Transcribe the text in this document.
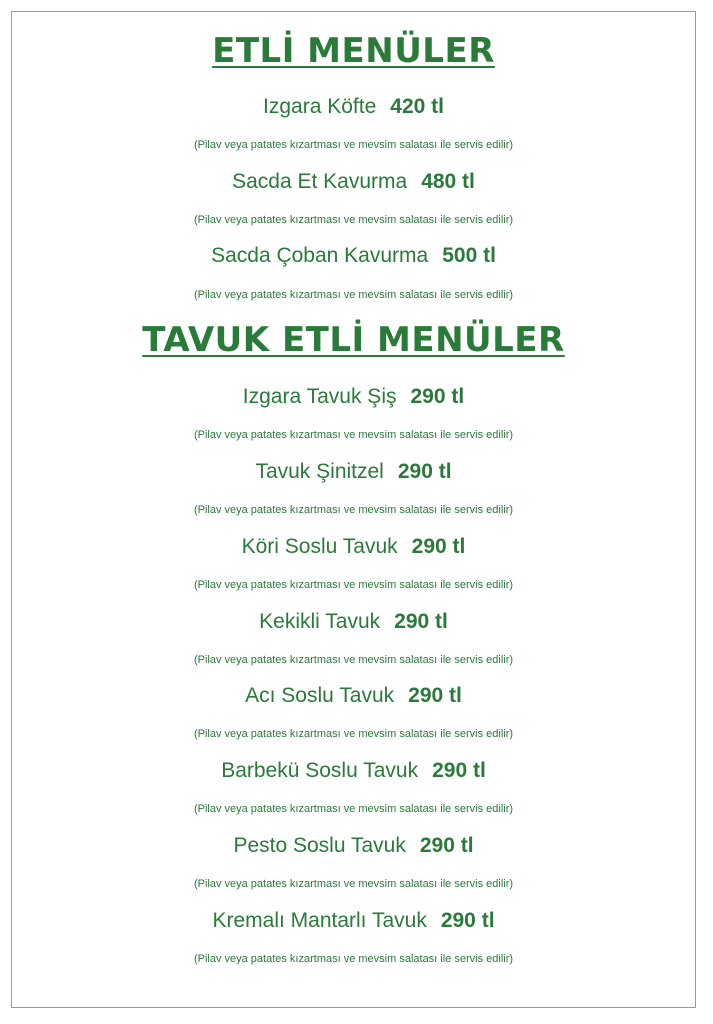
ETLİ MENÜLER
Izgara Köfte 420 tl
(Pilav veya patates kızartması ve mevsim salatası ile servis edilir)
Sacda Et Kavurma 480 tl
(Pilav veya patates kızartması ve mevsim salatası ile servis edilir)
Sacda Çoban Kavurma 500 tl
(Pilav veya patates kızartması ve mevsim salatası ile servis edilir)
TAVUK ETLİ MENÜLER
Izgara Tavuk Şiş 290 tl
(Pilav veya patates kızartması ve mevsim salatası ile servis edilir)
Tavuk Şinitzel 290 tl
(Pilav veya patates kızartması ve mevsim salatası ile servis edilir)
Köri Soslu Tavuk 290 tl
(Pilav veya patates kızartması ve mevsim salatası ile servis edilir)
Kekikli Tavuk 290 tl
(Pilav veya patates kızartması ve mevsim salatası ile servis edilir)
Acı Soslu Tavuk 290 tl
(Pilav veya patates kızartması ve mevsim salatası ile servis edilir)
Barbekü Soslu Tavuk 290 tl
(Pilav veya patates kızartması ve mevsim salatası ile servis edilir)
Pesto Soslu Tavuk 290 tl
(Pilav veya patates kızartması ve mevsim salatası ile servis edilir)
Kremalı Mantarlı Tavuk 290 tl
(Pilav veya patates kızartması ve mevsim salatası ile servis edilir)
